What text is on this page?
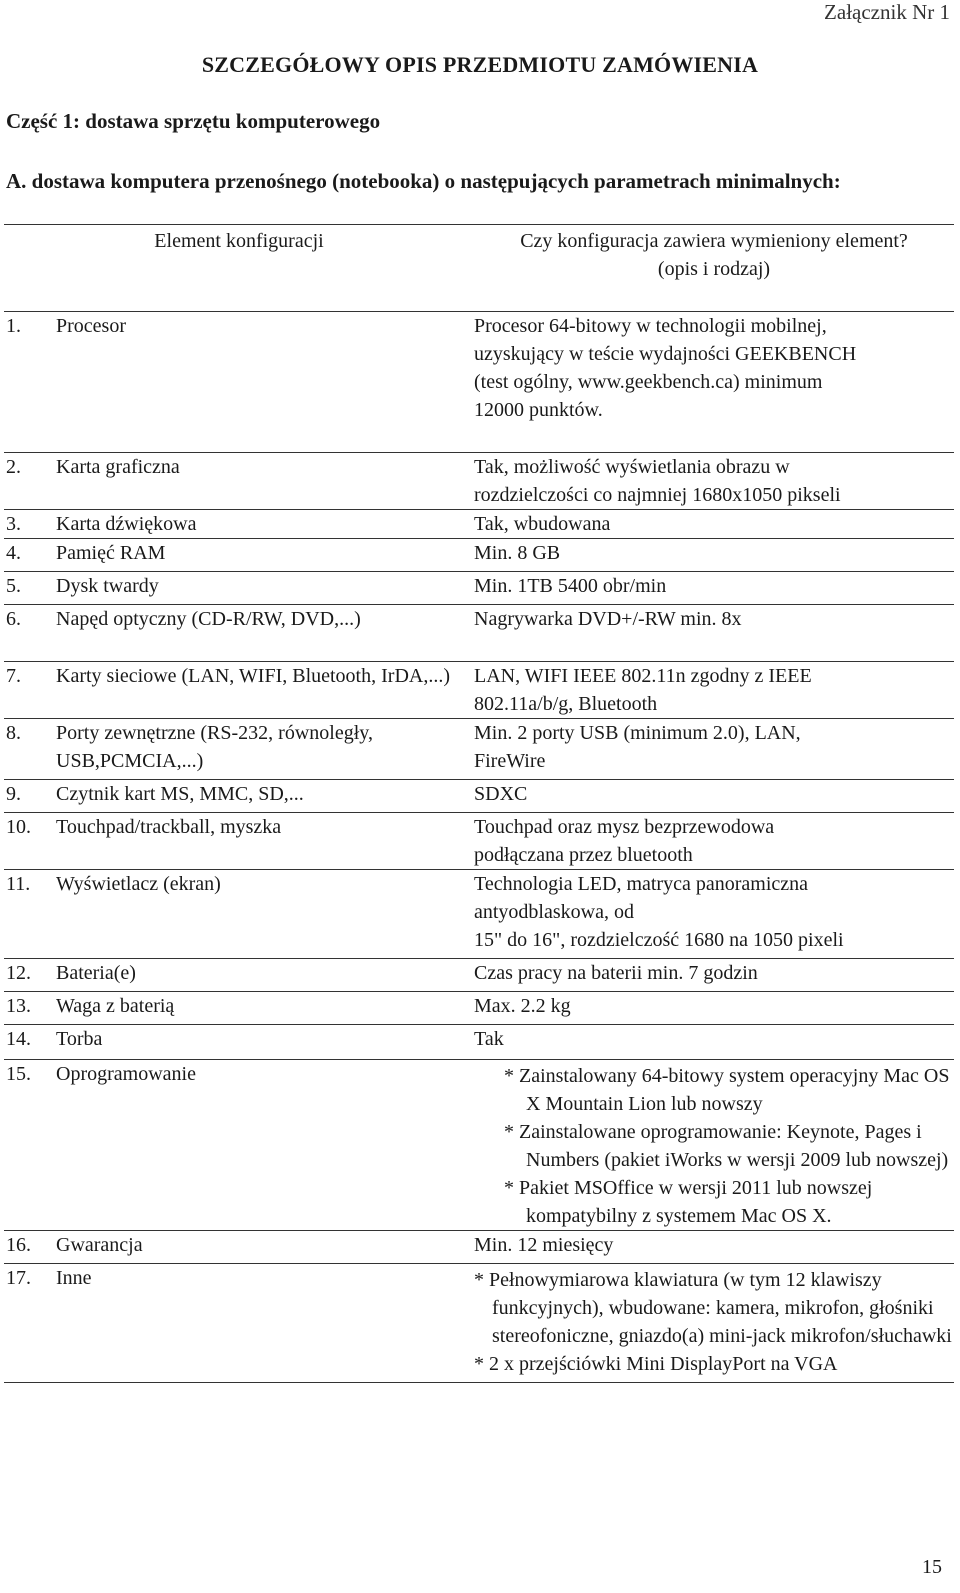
Załącznik Nr 1
SZCZEGÓŁOWY OPIS PRZEDMIOTU ZAMÓWIENIA
Część 1: dostawa sprzętu komputerowego
A. dostawa komputera przenośnego (notebooka) o następujących parametrach minimalnych:
Element konfiguracji	Czy konfiguracja zawiera wymieniony element?
(opis i rodzaj)
1. Procesor	Procesor 64-bitowy w technologii mobilnej,
uzyskujący w teście wydajności GEEKBENCH
(test ogólny, www.geekbench.ca) minimum
12000 punktów.

2. Karta graficzna	Tak, możliwość wyświetlania obrazu w
rozdzielczości co najmniej 1680x1050 pikseli

3. Karta dźwiękowa	Tak, wbudowana

4. Pamięć RAM	Min. 8 GB

5. Dysk twardy	Min. 1TB 5400 obr/min

6. Napęd optyczny (CD-R/RW, DVD,...)	Nagrywarka DVD+/-RW min. 8x

7. Karty sieciowe (LAN, WIFI, Bluetooth, IrDA,...)	LAN, WIFI IEEE 802.11n zgodny z IEEE
802.11a/b/g, Bluetooth

8. Porty zewnętrzne (RS-232, równoległy, USB,PCMCIA,...)	Min. 2 porty USB (minimum 2.0), LAN,
FireWire

9. Czytnik kart MS, MMC, SD,...	SDXC

10. Touchpad/trackball, myszka	Touchpad oraz mysz bezprzewodowa
podłączana przez bluetooth

11. Wyświetlacz (ekran)	Technologia LED, matryca panoramiczna
antyodblaskowa, od
15" do 16", rozdzielczość 1680 na 1050 pixeli

12. Bateria(e)	Czas pracy na baterii min. 7 godzin

13. Waga z baterią	Max. 2.2 kg

14. Torba	Tak

15. Oprogramowanie	* Zainstalowany 64-bitowy system operacyjny Mac OS X Mountain Lion lub nowszy
* Zainstalowane oprogramowanie: Keynote, Pages i Numbers (pakiet iWorks w wersji 2009 lub nowszej)
* Pakiet MSOffice w wersji 2011 lub nowszej kompatybilny z systemem Mac OS X.

16. Gwarancja	Min. 12 miesięcy

17. Inne	* Pełnowymiarowa klawiatura (w tym 12 klawiszy funkcyjnych), wbudowane: kamera, mikrofon, głośniki stereofoniczne, gniazdo(a) mini-jack mikrofon/słuchawki
* 2 x przejściówki Mini DisplayPort na VGA
15
